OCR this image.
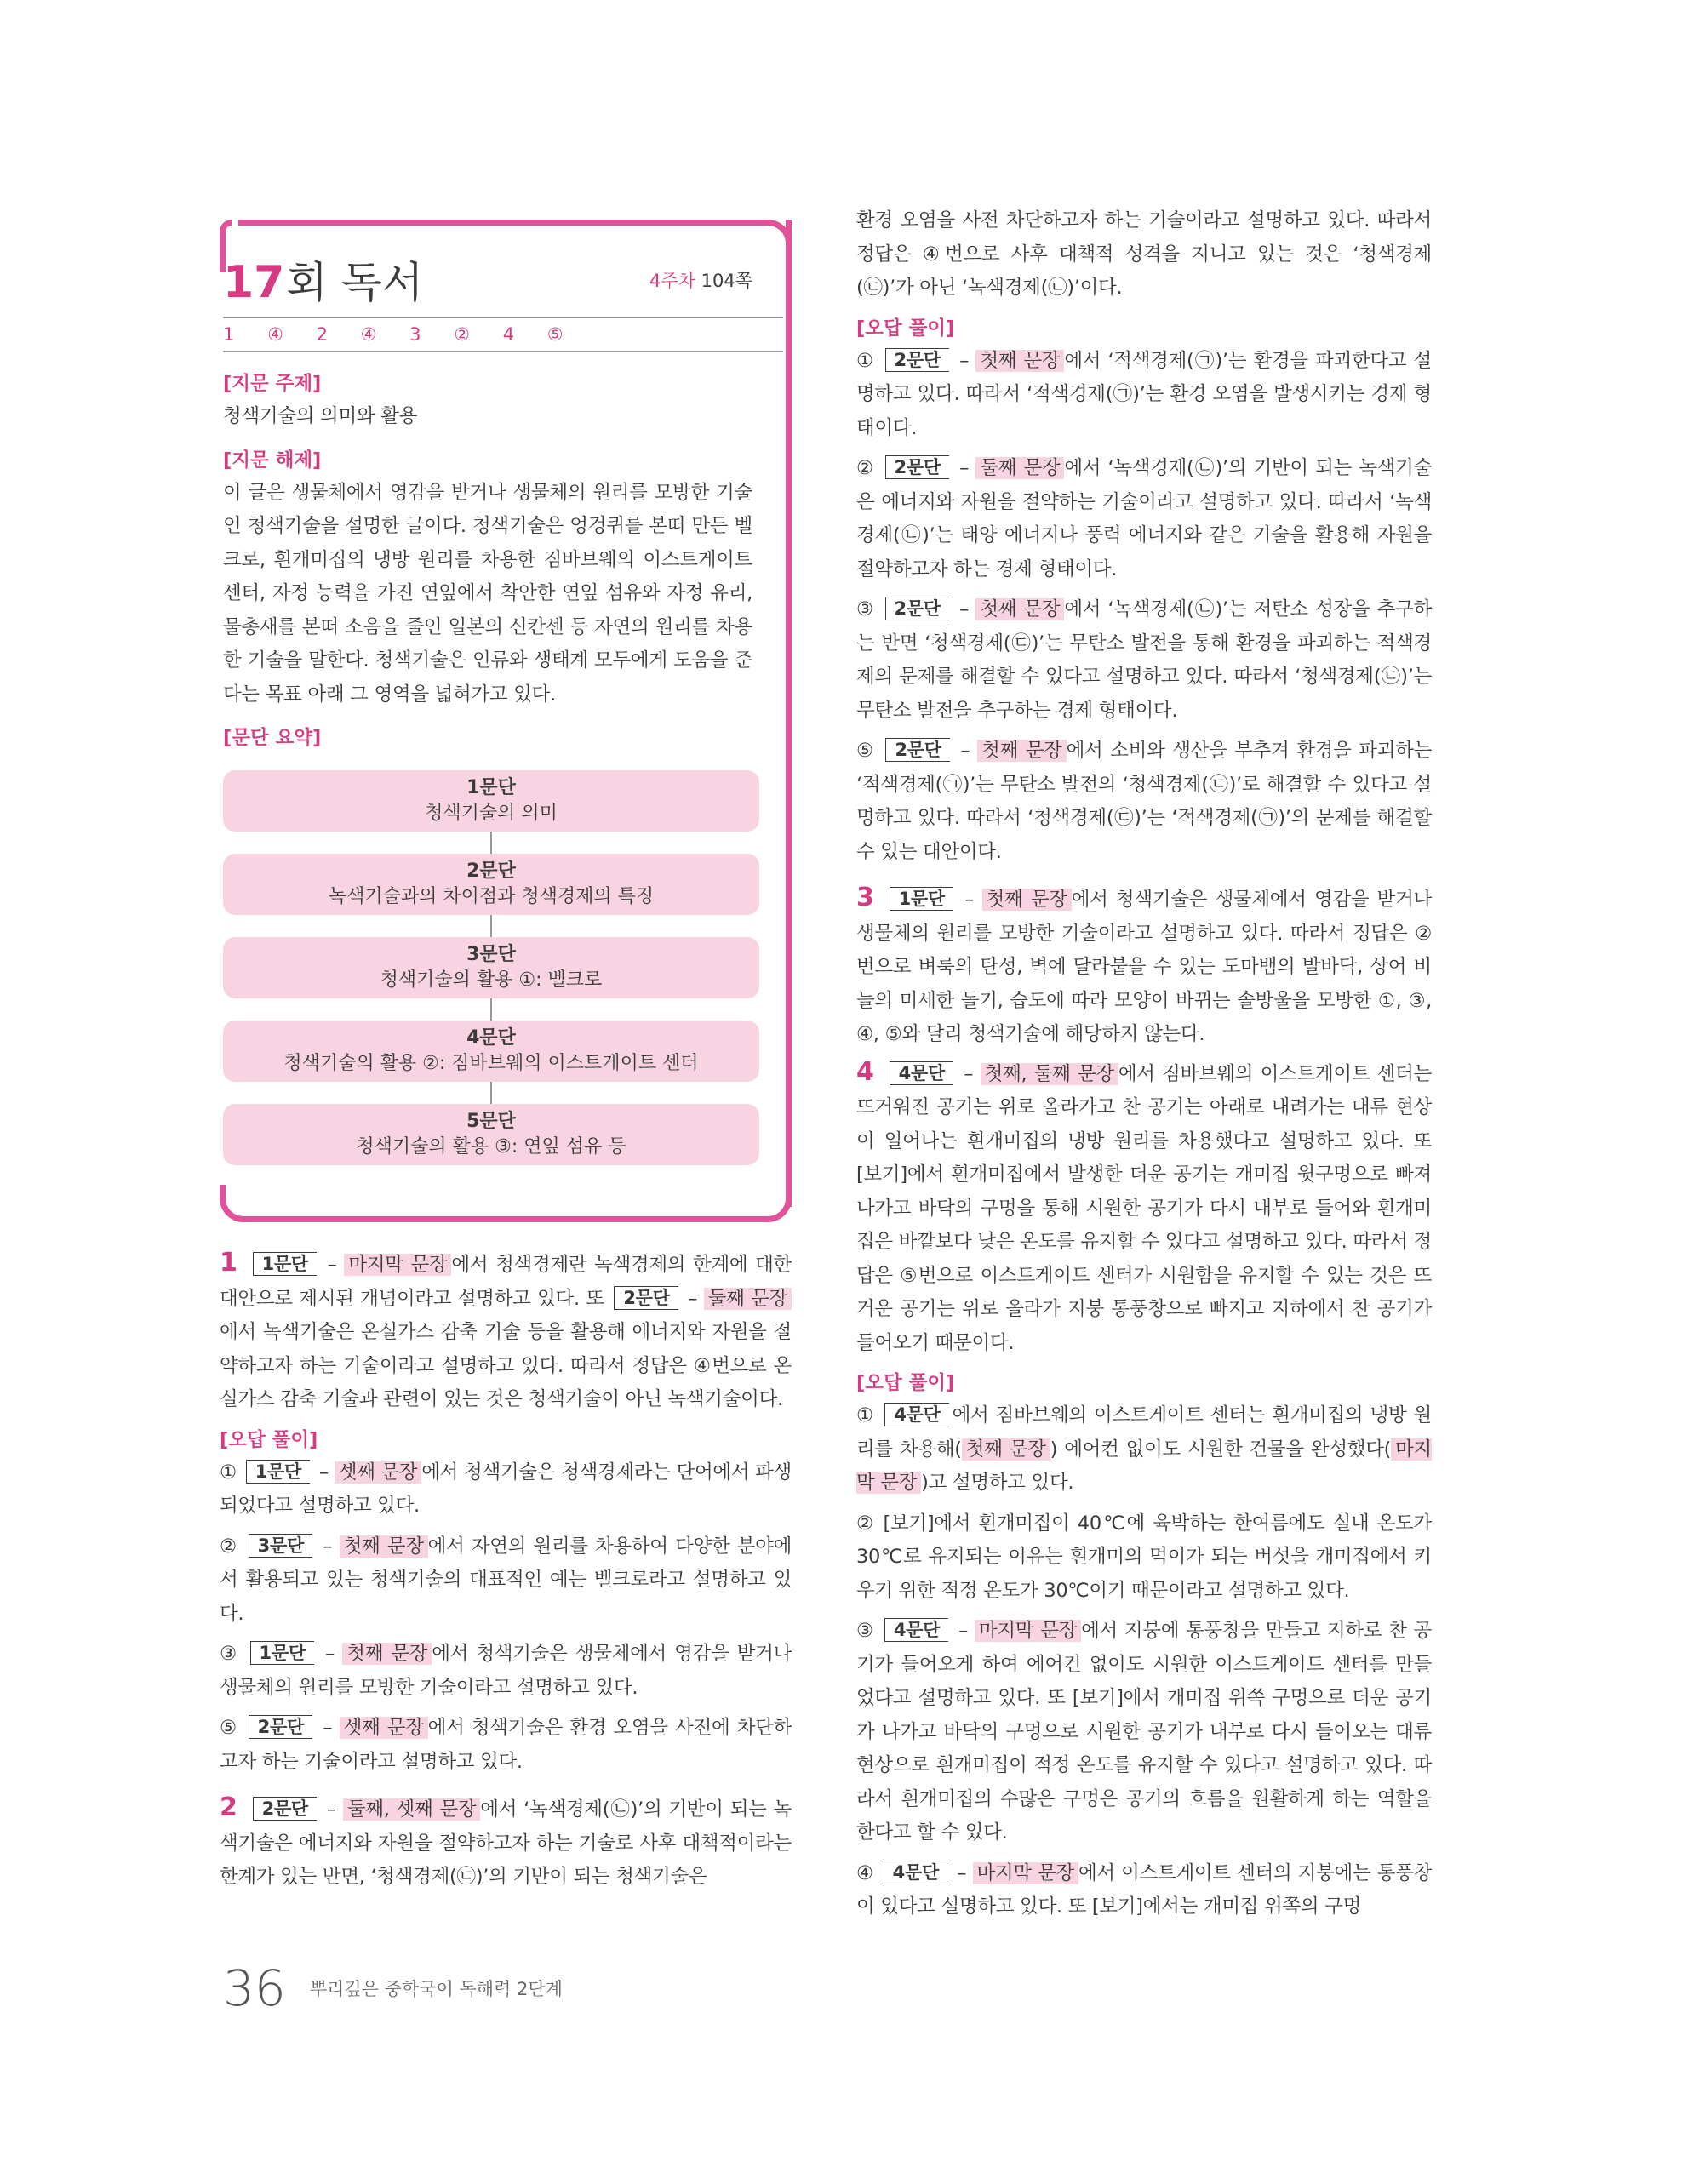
17회 독서	4주차 104쪽
1 ④ 2 ④ 3 ② 4 ⑤

[지문 주제]

청색기술의 의미와 활용

[지문 해제]

이 글은 생물체에서 영감을 받거나 생물체의 원리를 모방한 기술인 청색기술을 설명한 글이다. 청색기술은 엉겅퀴를 본떠 만든 벨크로, 흰개미집의 냉방 원리를 차용한 짐바브웨의 이스트게이트 센터, 자정 능력을 가진 연잎에서 착안한 연잎 섬유와 자정 유리, 물총새를 본떠 소음을 줄인 일본의 신칸센 등 자연의 원리를 차용한 기술을 말한다. 청색기술은 인류와 생태계 모두에게 도움을 준다는 목표 아래 그 영역을 넓혀가고 있다.

[문단 요약]

1문단
청색기술의 의미
2문단
녹색기술과의 차이점과 청색경제의 특징
3문단
청색기술의 활용 ①: 벨크로
4문단
청색기술의 활용 ②: 짐바브웨의 이스트게이트 센터
5문단
청색기술의 활용 ③: 연잎 섬유 등

1 1문단 – 마지막 문장 에서 청색경제란 녹색경제의 한계에 대한 대안으로 제시된 개념이라고 설명하고 있다. 또 2문단 – 둘째 문장에서 녹색기술은 온실가스 감축 기술 등을 활용해 에너지와 자원을 절약하고자 하는 기술이라고 설명하고 있다. 따라서 정답은 ④번으로 온실가스 감축 기술과 관련이 있는 것은 청색기술이 아닌 녹색기술이다.

[오답 풀이]

① 1문단 – 셋째 문장 에서 청색기술은 청색경제라는 단어에서 파생되었다고 설명하고 있다.

② 3문단 – 첫째 문장 에서 자연의 원리를 차용하여 다양한 분야에서 활용되고 있는 청색기술의 대표적인 예는 벨크로라고 설명하고 있다.

③ 1문단 – 첫째 문장 에서 청색기술은 생물체에서 영감을 받거나 생물체의 원리를 모방한 기술이라고 설명하고 있다.

⑤ 2문단 – 셋째 문장 에서 청색기술은 환경 오염을 사전에 차단하고자 하는 기술이라고 설명하고 있다.

2 2문단 – 둘째, 셋째 문장 에서 ‘녹색경제(㉡)’의 기반이 되는 녹색기술은 에너지와 자원을 절약하고자 하는 기술로 사후 대책적이라는 한계가 있는 반면, ‘청색경제(㉢)’의 기반이 되는 청색기술은

환경 오염을 사전 차단하고자 하는 기술이라고 설명하고 있다. 따라서 정답은 ④번으로 사후 대책적 성격을 지니고 있는 것은 ‘청색경제(㉢)’가 아닌 ‘녹색경제(㉡)’이다.

[오답 풀이]

① 2문단 – 첫째 문장 에서 ‘적색경제(㉠)’는 환경을 파괴한다고 설명하고 있다. 따라서 ‘적색경제(㉠)’는 환경 오염을 발생시키는 경제 형태이다.

② 2문단 – 둘째 문장 에서 ‘녹색경제(㉡)’의 기반이 되는 녹색기술은 에너지와 자원을 절약하는 기술이라고 설명하고 있다. 따라서 ‘녹색경제(㉡)’는 태양 에너지나 풍력 에너지와 같은 기술을 활용해 자원을 절약하고자 하는 경제 형태이다.

③ 2문단 – 첫째 문장 에서 ‘녹색경제(㉡)’는 저탄소 성장을 추구하는 반면 ‘청색경제(㉢)’는 무탄소 발전을 통해 환경을 파괴하는 적색경제의 문제를 해결할 수 있다고 설명하고 있다. 따라서 ‘청색경제(㉢)’는 무탄소 발전을 추구하는 경제 형태이다.

⑤ 2문단 – 첫째 문장 에서 소비와 생산을 부추겨 환경을 파괴하는 ‘적색경제(㉠)’는 무탄소 발전의 ‘청색경제(㉢)’로 해결할 수 있다고 설명하고 있다. 따라서 ‘청색경제(㉢)’는 ‘적색경제(㉠)’의 문제를 해결할 수 있는 대안이다.

3 1문단 – 첫째 문장 에서 청색기술은 생물체에서 영감을 받거나 생물체의 원리를 모방한 기술이라고 설명하고 있다. 따라서 정답은 ②번으로 벼룩의 탄성, 벽에 달라붙을 수 있는 도마뱀의 발바닥, 상어 비늘의 미세한 돌기, 습도에 따라 모양이 바뀌는 솔방울을 모방한 ①, ③, ④, ⑤와 달리 청색기술에 해당하지 않는다.

4 4문단 – 첫째, 둘째 문장 에서 짐바브웨의 이스트게이트 센터는 뜨거워진 공기는 위로 올라가고 찬 공기는 아래로 내려가는 대류 현상이 일어나는 흰개미집의 냉방 원리를 차용했다고 설명하고 있다. 또 [보기]에서 흰개미집에서 발생한 더운 공기는 개미집 윗구멍으로 빠져나가고 바닥의 구멍을 통해 시원한 공기가 다시 내부로 들어와 흰개미집은 바깥보다 낮은 온도를 유지할 수 있다고 설명하고 있다. 따라서 정답은 ⑤번으로 이스트게이트 센터가 시원함을 유지할 수 있는 것은 뜨거운 공기는 위로 올라가 지붕 통풍창으로 빠지고 지하에서 찬 공기가 들어오기 때문이다.

[오답 풀이]

① 4문단 에서 짐바브웨의 이스트게이트 센터는 흰개미집의 냉방 원리를 차용해( 첫째 문장 ) 에어컨 없이도 시원한 건물을 완성했다( 마지막 문장 )고 설명하고 있다.

② [보기]에서 흰개미집이 40℃에 육박하는 한여름에도 실내 온도가 30℃로 유지되는 이유는 흰개미의 먹이가 되는 버섯을 개미집에서 키우기 위한 적정 온도가 30℃이기 때문이라고 설명하고 있다.

③ 4문단 – 마지막 문장 에서 지붕에 통풍창을 만들고 지하로 찬 공기가 들어오게 하여 에어컨 없이도 시원한 이스트게이트 센터를 만들었다고 설명하고 있다. 또 [보기]에서 개미집 위쪽 구멍으로 더운 공기가 나가고 바닥의 구멍으로 시원한 공기가 내부로 다시 들어오는 대류 현상으로 흰개미집이 적정 온도를 유지할 수 있다고 설명하고 있다. 따라서 흰개미집의 수많은 구멍은 공기의 흐름을 원활하게 하는 역할을 한다고 할 수 있다.

④ 4문단 – 마지막 문장 에서 이스트게이트 센터의 지붕에는 통풍창이 있다고 설명하고 있다. 또 [보기]에서는 개미집 위쪽의 구멍

36 뿌리깊은 중학국어 독해력 2단계
